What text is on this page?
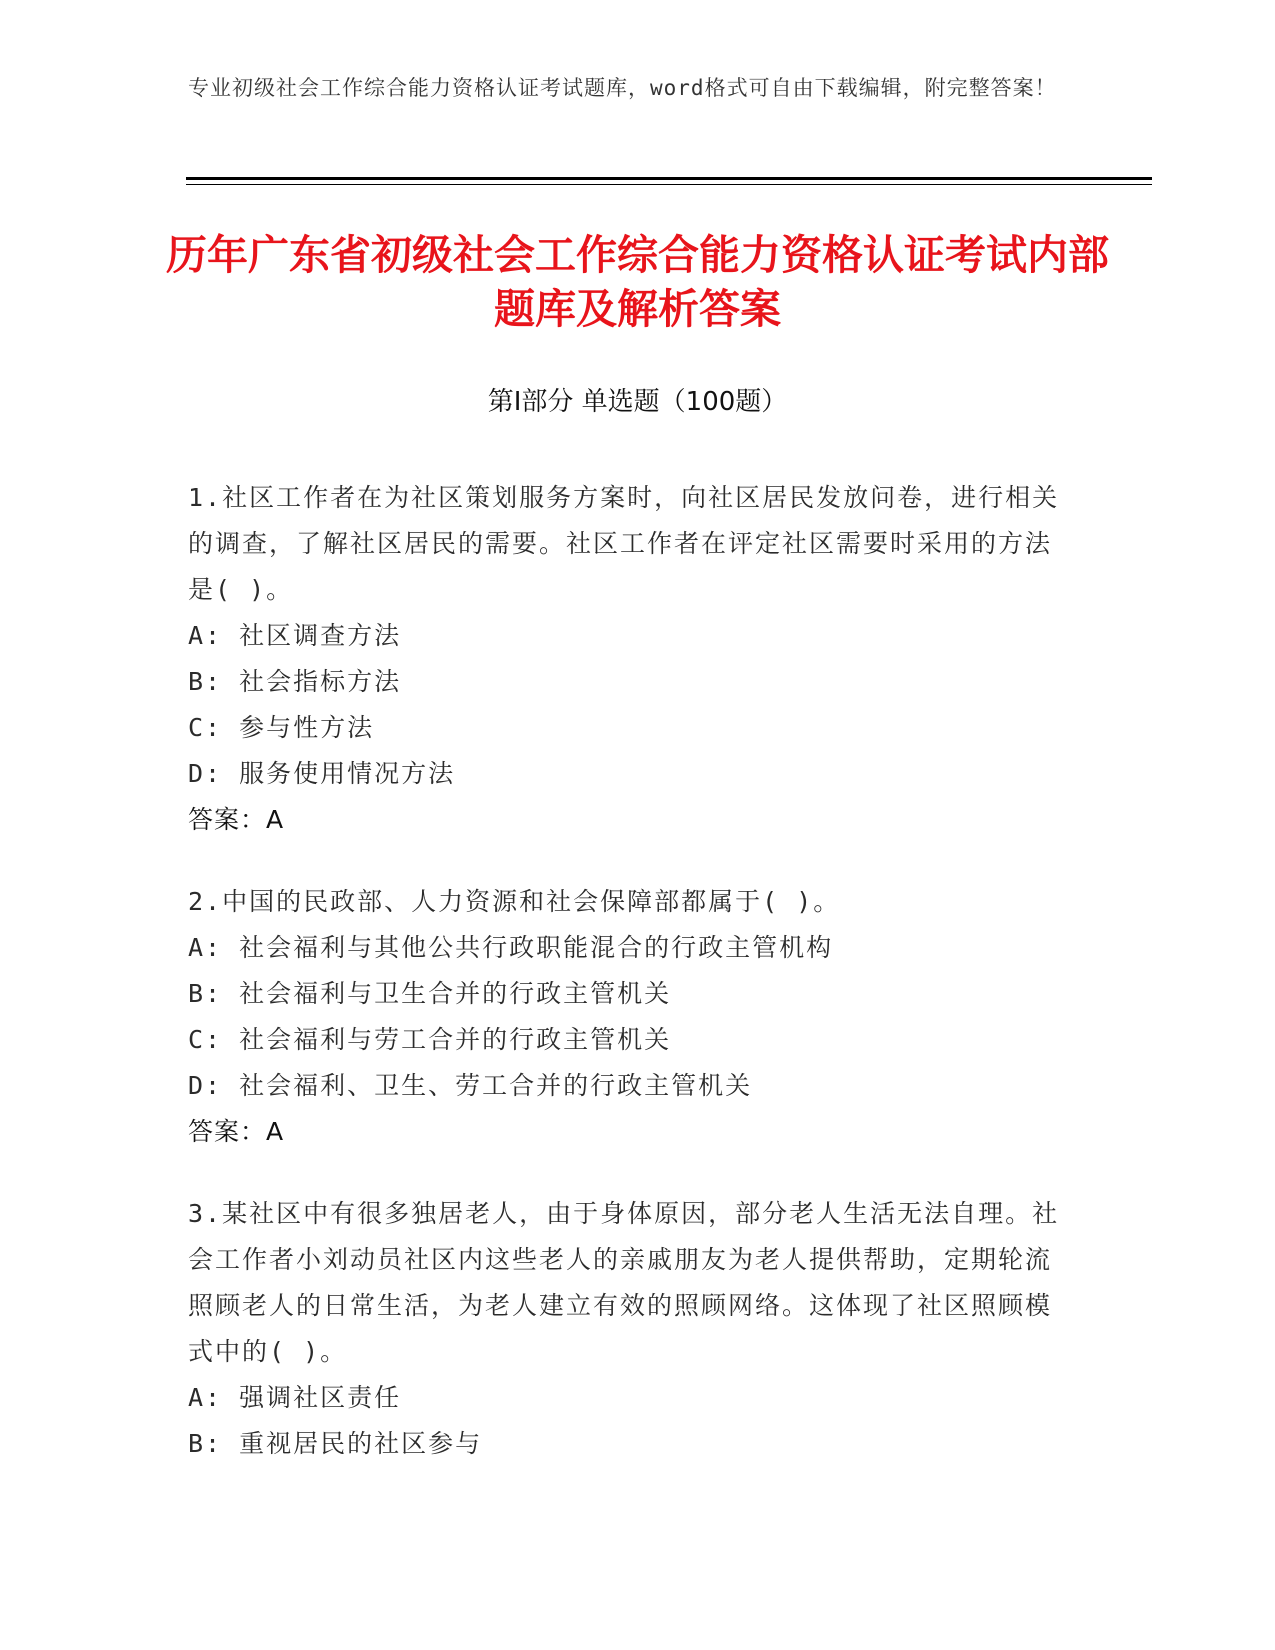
专业初级社会工作综合能力资格认证考试题库，word格式可自由下载编辑，附完整答案！
历年广东省初级社会工作综合能力资格认证考试内部题库及解析答案
第Ⅰ部分 单选题（100题）

1.社区工作者在为社区策划服务方案时，向社区居民发放问卷，进行相关的调查，了解社区居民的需要。社区工作者在评定社区需要时采用的方法是( )。

A: 社区调查方法

B: 社会指标方法

C: 参与性方法

D: 服务使用情况方法

答案：A

2.中国的民政部、人力资源和社会保障部都属于( )。

A: 社会福利与其他公共行政职能混合的行政主管机构

B: 社会福利与卫生合并的行政主管机关

C: 社会福利与劳工合并的行政主管机关

D: 社会福利、卫生、劳工合并的行政主管机关

答案：A

3.某社区中有很多独居老人，由于身体原因，部分老人生活无法自理。社会工作者小刘动员社区内这些老人的亲戚朋友为老人提供帮助，定期轮流照顾老人的日常生活，为老人建立有效的照顾网络。这体现了社区照顾模式中的( )。

A: 强调社区责任

B: 重视居民的社区参与
